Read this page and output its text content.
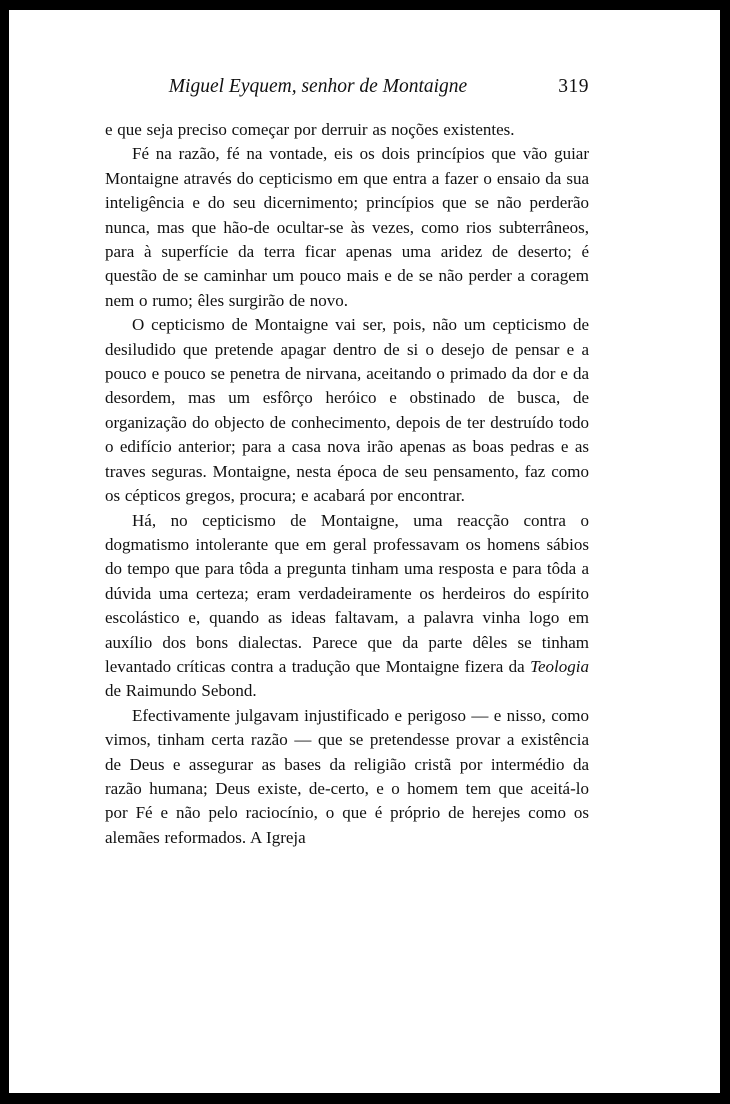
Miguel Eyquem, senhor de Montaigne	319

e que seja preciso começar por derruir as noções existentes.

Fé na razão, fé na vontade, eis os dois princípios que vão guiar Montaigne através do cepticismo em que entra a fazer o ensaio da sua inteligência e do seu dicernimento; princípios que se não perderão nunca, mas que hão-de ocultar-se às vezes, como rios subterrâneos, para à superfície da terra ficar apenas uma aridez de deserto; é questão de se caminhar um pouco mais e de se não perder a coragem nem o rumo; êles surgirão de novo.

O cepticismo de Montaigne vai ser, pois, não um cepticismo de desiludido que pretende apagar dentro de si o desejo de pensar e a pouco e pouco se penetra de nirvana, aceitando o primado da dor e da desordem, mas um esfôrço heróico e obstinado de busca, de organização do objecto de conhecimento, depois de ter destruído todo o edifício anterior; para a casa nova irão apenas as boas pedras e as traves seguras. Montaigne, nesta época de seu pensamento, faz como os cépticos gregos, procura; e acabará por encontrar.

Há, no cepticismo de Montaigne, uma reacção contra o dogmatismo intolerante que em geral professavam os homens sábios do tempo que para tôda a pregunta tinham uma resposta e para tôda a dúvida uma certeza; eram verdadeiramente os herdeiros do espírito escolástico e, quando as ideas faltavam, a palavra vinha logo em auxílio dos bons dialectas. Parece que da parte dêles se tinham levantado críticas contra a tradução que Montaigne fizera da Teologia de Raimundo Sebond.

Efectivamente julgavam injustificado e perigoso — e nisso, como vimos, tinham certa razão — que se pretendesse provar a existência de Deus e assegurar as bases da religião cristã por intermédio da razão humana; Deus existe, de-certo, e o homem tem que aceitá-lo por Fé e não pelo raciocínio, o que é próprio de herejes como os alemães reformados. A Igreja
